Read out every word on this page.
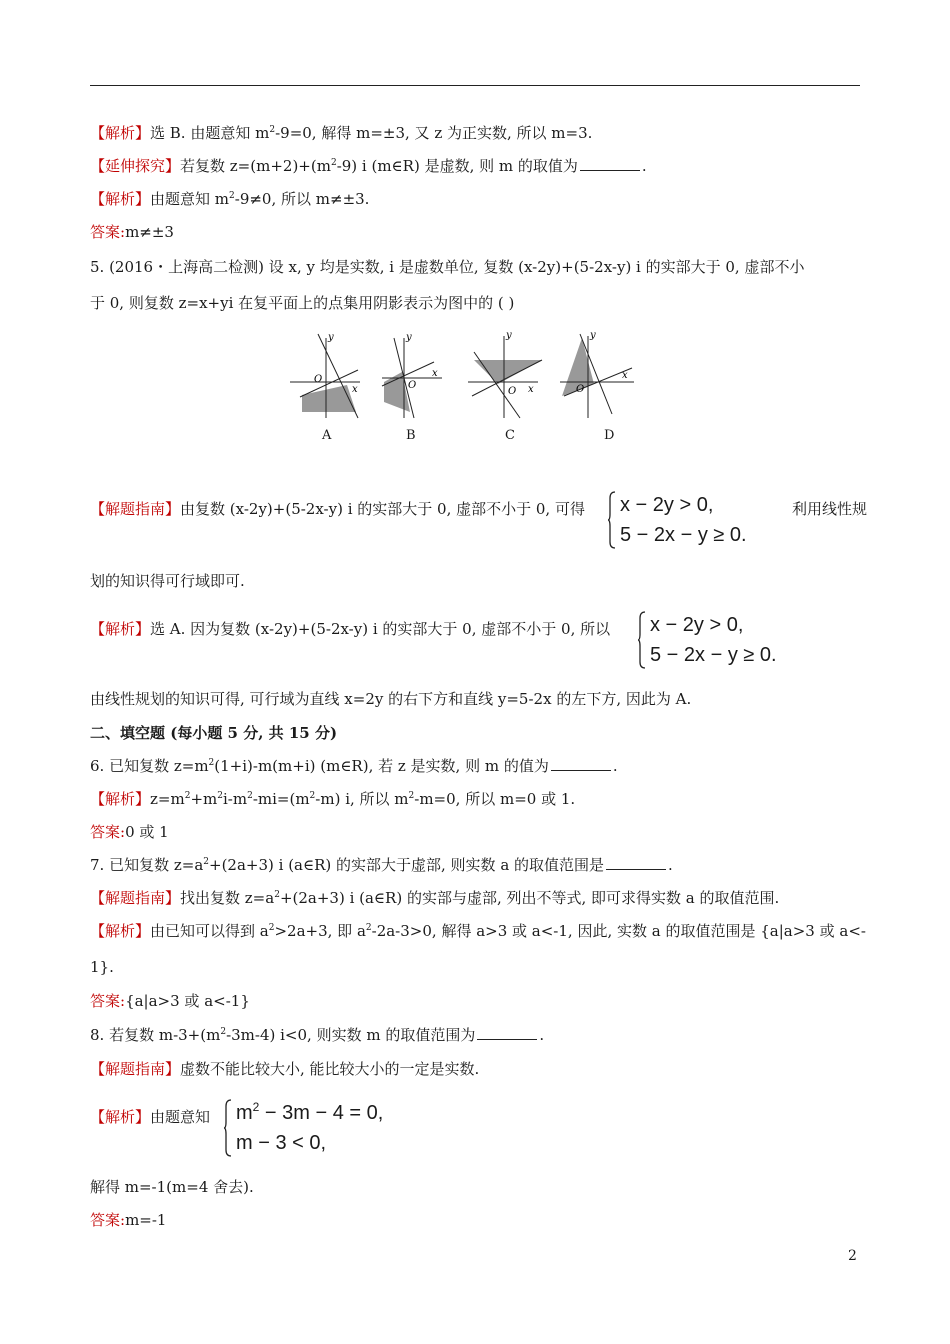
【解析】选 B. 由题意知 $m^2-9=0$, 解得 m=±3, 又 z 为正实数, 所以 m=3.
【延伸探究】若复数 $z=(m+2)+(m^2-9)$ i (m∈R) 是虚数, 则 m 的取值为	.
【解析】由题意知 $m^2-9\ne 0$, 所以 m≠±3.
答案:m≠±3
5. (2016・上海高二检测) 设 x, y 均是实数, i 是虚数单位, 复数 (x-2y)+(5-2x-y) i 的实部大于 0, 虚部不小
于 0, 则复数 z=x+yi 在复平面上的点集用阴影表示为图中的 ( )
y
O
x
y
O
x
y
O x
y
O
x
A	B	C	D
【解题指南】由复数 (x-2y)+(5-2x-y) i 的实部大于 0, 虚部不小于 0, 可得 x − 2y > 0,
5 − 2x − y ≥ 0.
利用线性规
划的知识得可行域即可.
【解析】选 A. 因为复数 (x-2y)+(5-2x-y) i 的实部大于 0, 虚部不小于 0, 所以 x − 2y > 0,
5 − 2x − y ≥ 0.
由线性规划的知识可得, 可行域为直线 x=2y 的右下方和直线 y=5-2x 的左下方, 因此为 A.
二、填空题 (每小题 5 分, 共 15 分)
6. 已知复数 $z=m^2(1+i)-m(m+i)$ (m∈R), 若 z 是实数, 则 m 的值为	.
【解析】$z=m^2+m^2i-m^2-mi=(m^2-m)$ i, 所以 $m^2-m=0$, 所以 m=0 或 1.
答案:0 或 1
7. 已知复数 $z=a^2+(2a+3)$ i (a∈R) 的实部大于虚部, 则实数 a 的取值范围是	.
【解题指南】找出复数 $z=a^2+(2a+3)$ i (a∈R) 的实部与虚部, 列出不等式, 即可求得实数 a 的取值范围.
【解析】由已知可以得到 $a^2>2a+3$, 即 $a^2-2a-3>0$, 解得 a>3 或 a<-1, 因此, 实数 a 的取值范围是 {a|a>3 或 a<-
1}.
答案:{a|a>3 或 a<-1}
8. 若复数 $m-3+(m^2-3m-4)$ i<0, 则实数 m 的取值范围为	.
【解题指南】虚数不能比较大小, 能比较大小的一定是实数.
【解析】由题意知 $m^2 - 3m - 4 = 0$,
m − 3 < 0,
解得 m=-1(m=4 舍去).
答案:m=-1
2
